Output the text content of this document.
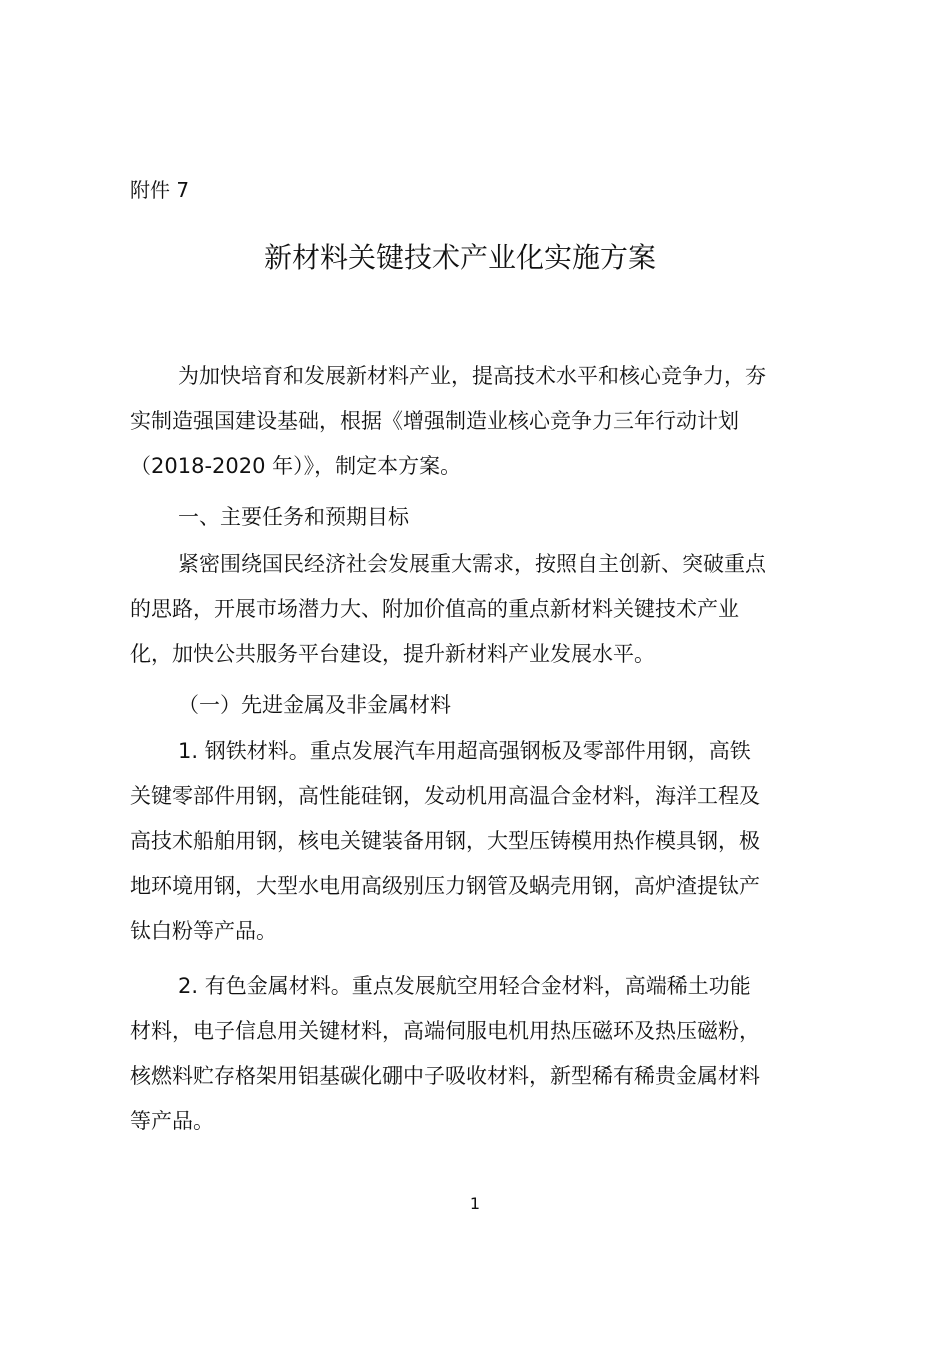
附件 7
新材料关键技术产业化实施方案

为加快培育和发展新材料产业，提高技术水平和核心竞争力，夯实制造强国建设基础，根据《增强制造业核心竞争力三年行动计划（2018-2020 年）》，制定本方案。

一、主要任务和预期目标

紧密围绕国民经济社会发展重大需求，按照自主创新、突破重点的思路，开展市场潜力大、附加价值高的重点新材料关键技术产业化，加快公共服务平台建设，提升新材料产业发展水平。

（一）先进金属及非金属材料

1. 钢铁材料。重点发展汽车用超高强钢板及零部件用钢，高铁关键零部件用钢，高性能硅钢，发动机用高温合金材料，海洋工程及高技术船舶用钢，核电关键装备用钢，大型压铸模用热作模具钢，极地环境用钢，大型水电用高级别压力钢管及蜗壳用钢，高炉渣提钛产钛白粉等产品。

2. 有色金属材料。重点发展航空用轻合金材料，高端稀土功能材料，电子信息用关键材料，高端伺服电机用热压磁环及热压磁粉，核燃料贮存格架用铝基碳化硼中子吸收材料，新型稀有稀贵金属材料等产品。

1
